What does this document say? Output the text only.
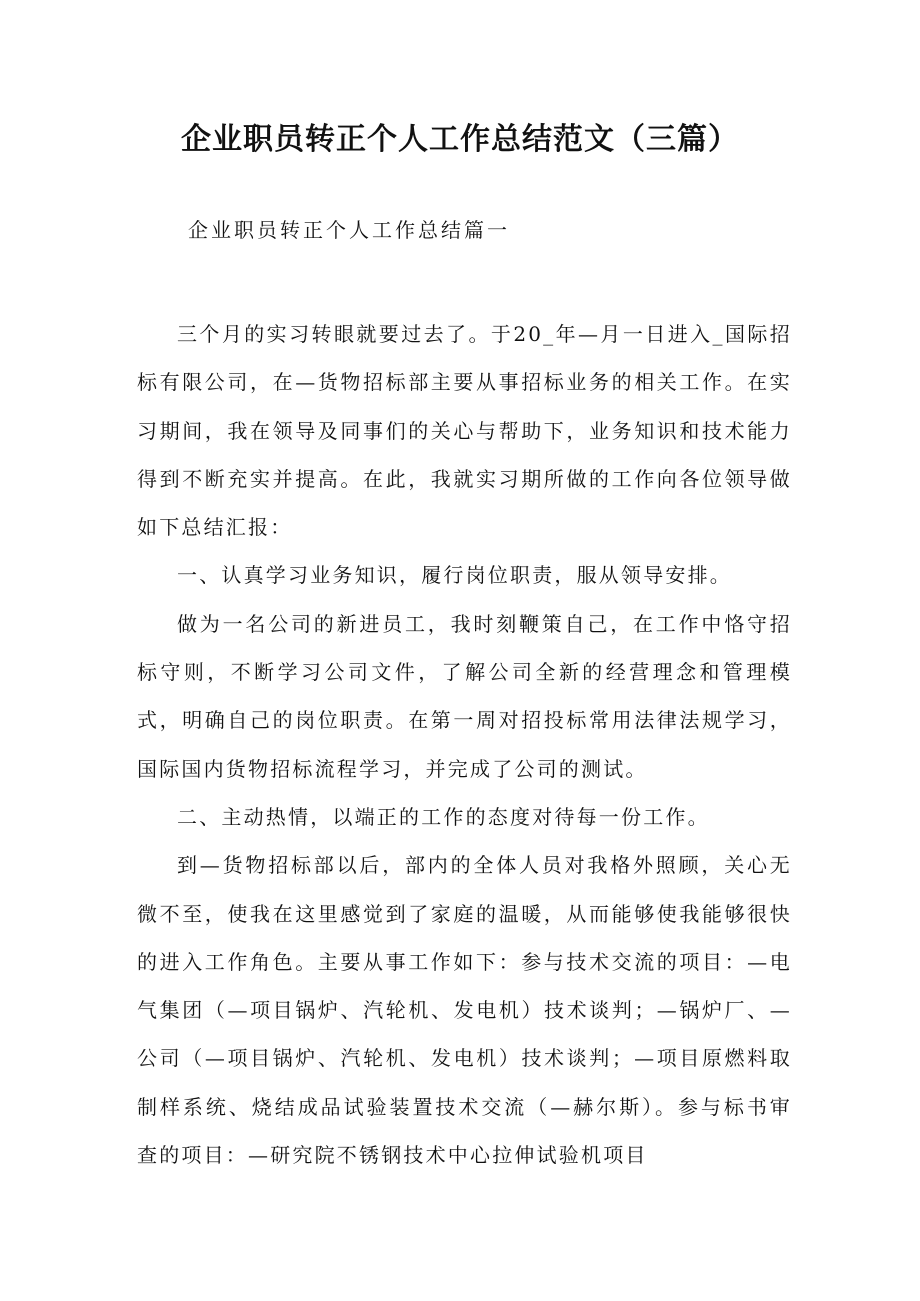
企业职员转正个人工作总结范文（三篇）

企业职员转正个人工作总结篇一

三个月的实习转眼就要过去了。于20_年—月一日进入_国际招标有限公司，在—货物招标部主要从事招标业务的相关工作。在实习期间，我在领导及同事们的关心与帮助下，业务知识和技术能力得到不断充实并提高。在此，我就实习期所做的工作向各位领导做如下总结汇报：

一、认真学习业务知识，履行岗位职责，服从领导安排。

做为一名公司的新进员工，我时刻鞭策自己，在工作中恪守招标守则，不断学习公司文件，了解公司全新的经营理念和管理模式，明确自己的岗位职责。在第一周对招投标常用法律法规学习，国际国内货物招标流程学习，并完成了公司的测试。

二、主动热情，以端正的工作的态度对待每一份工作。

到—货物招标部以后，部内的全体人员对我格外照顾，关心无微不至，使我在这里感觉到了家庭的温暖，从而能够使我能够很快的进入工作角色。主要从事工作如下：参与技术交流的项目：—电气集团（—项目锅炉、汽轮机、发电机）技术谈判；—锅炉厂、—公司（—项目锅炉、汽轮机、发电机）技术谈判；—项目原燃料取制样系统、烧结成品试验装置技术交流（—赫尔斯）。参与标书审查的项目：—研究院不锈钢技术中心拉伸试验机项目
